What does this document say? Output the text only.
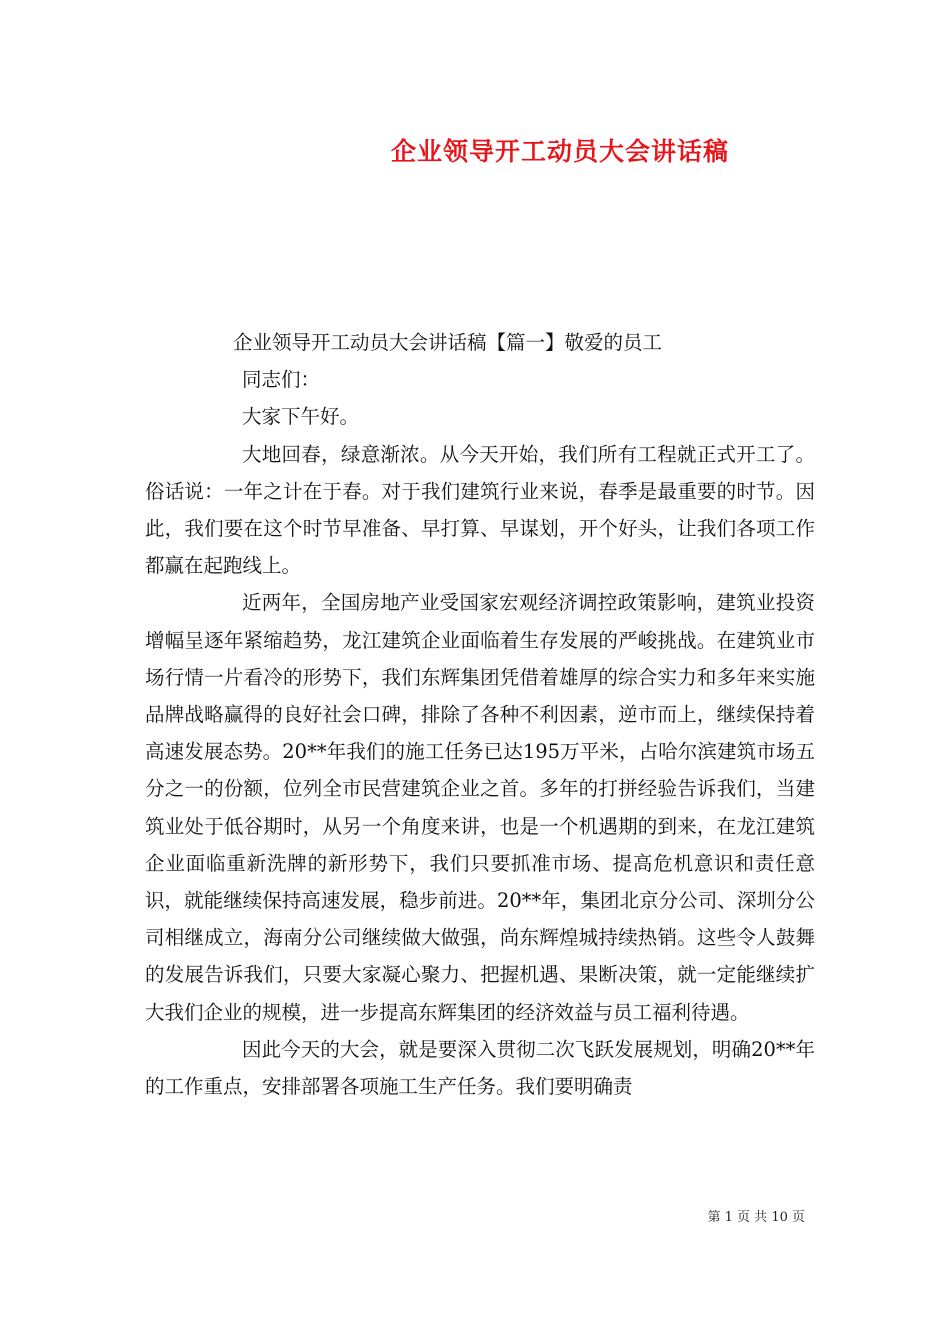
企业领导开工动员大会讲话稿

企业领导开工动员大会讲话稿【篇一】敬爱的员工

同志们：

大家下午好。

大地回春，绿意渐浓。从今天开始，我们所有工程就正式开工了。俗话说：一年之计在于春。对于我们建筑行业来说，春季是最重要的时节。因此，我们要在这个时节早准备、早打算、早谋划，开个好头，让我们各项工作都赢在起跑线上。

近两年，全国房地产业受国家宏观经济调控政策影响，建筑业投资增幅呈逐年紧缩趋势，龙江建筑企业面临着生存发展的严峻挑战。在建筑业市场行情一片看冷的形势下，我们东辉集团凭借着雄厚的综合实力和多年来实施品牌战略赢得的良好社会口碑，排除了各种不利因素，逆市而上，继续保持着高速发展态势。20**年我们的施工任务已达195万平米，占哈尔滨建筑市场五分之一的份额，位列全市民营建筑企业之首。多年的打拼经验告诉我们，当建筑业处于低谷期时，从另一个角度来讲，也是一个机遇期的到来，在龙江建筑企业面临重新洗牌的新形势下，我们只要抓准市场、提高危机意识和责任意识，就能继续保持高速发展，稳步前进。20**年，集团北京分公司、深圳分公司相继成立，海南分公司继续做大做强，尚东辉煌城持续热销。这些令人鼓舞的发展告诉我们，只要大家凝心聚力、把握机遇、果断决策，就一定能继续扩大我们企业的规模，进一步提高东辉集团的经济效益与员工福利待遇。

因此今天的大会，就是要深入贯彻二次飞跃发展规划，明确20**年的工作重点，安排部署各项施工生产任务。我们要明确责

第 1 页 共 10 页
